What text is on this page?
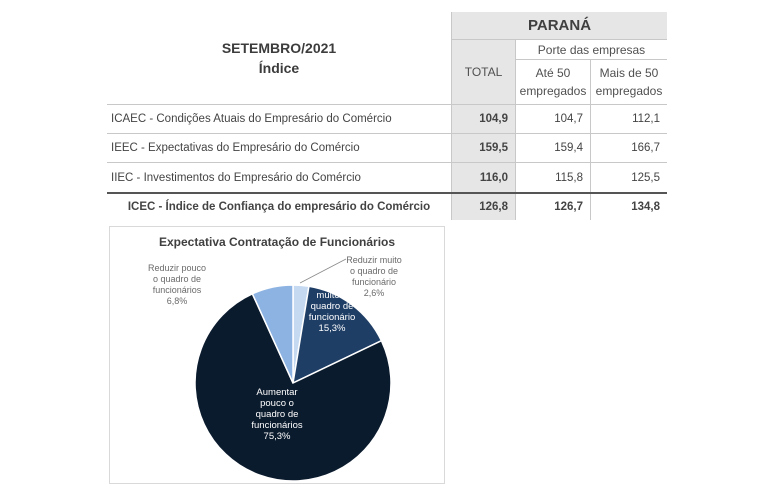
SETEMBRO/2021
Índice
PARANÁ
TOTAL
Porte das empresas
Até 50
empregados
Mais de 50
empregados
ICAEC - Condições Atuais do Empresário do Comércio	104,9	104,7	112,1
IEEC - Expectativas do Empresário do Comércio	159,5	159,4	166,7
IIEC - Investimentos do Empresário do Comércio	116,0	115,8	125,5
ICEC - Índice de Confiança do empresário do Comércio	126,8	126,7	134,8
Expectativa Contratação de Funcionários
Reduzir muito o quadro de funcionário 2,6%
Aumentar muito o quadro de funcionário 15,3%
Aumentar pouco o quadro de funcionários 75,3%
Reduzir pouco o quadro de funcionários 6,8%
